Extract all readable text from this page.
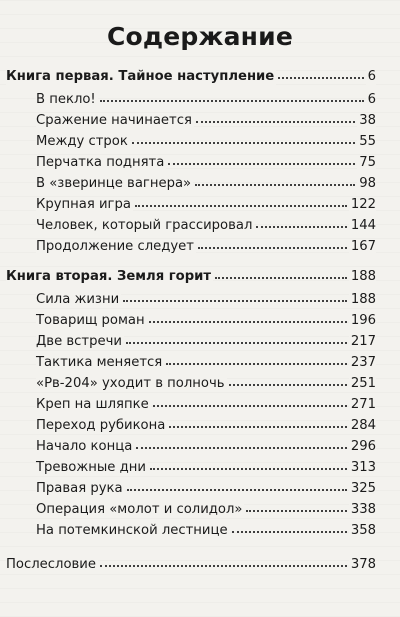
Содержание
Книга первая. Тайное наступление	6
В пекло!	6
Сражение начинается	38
Между строк	55
Перчатка поднята	75
В «зверинце вагнера»	98
Крупная игра	122
Человек, который грассировал	144
Продолжение следует	167
Книга вторая. Земля горит	188
Сила жизни	188
Товарищ роман	196
Две встречи	217
Тактика меняется	237
«Рв-204» уходит в полночь	251
Креп на шляпке	271
Переход рубикона	284
Начало конца	296
Тревожные дни	313
Правая рука	325
Операция «молот и солидол»	338
На потемкинской лестнице	358
Послесловие	378
